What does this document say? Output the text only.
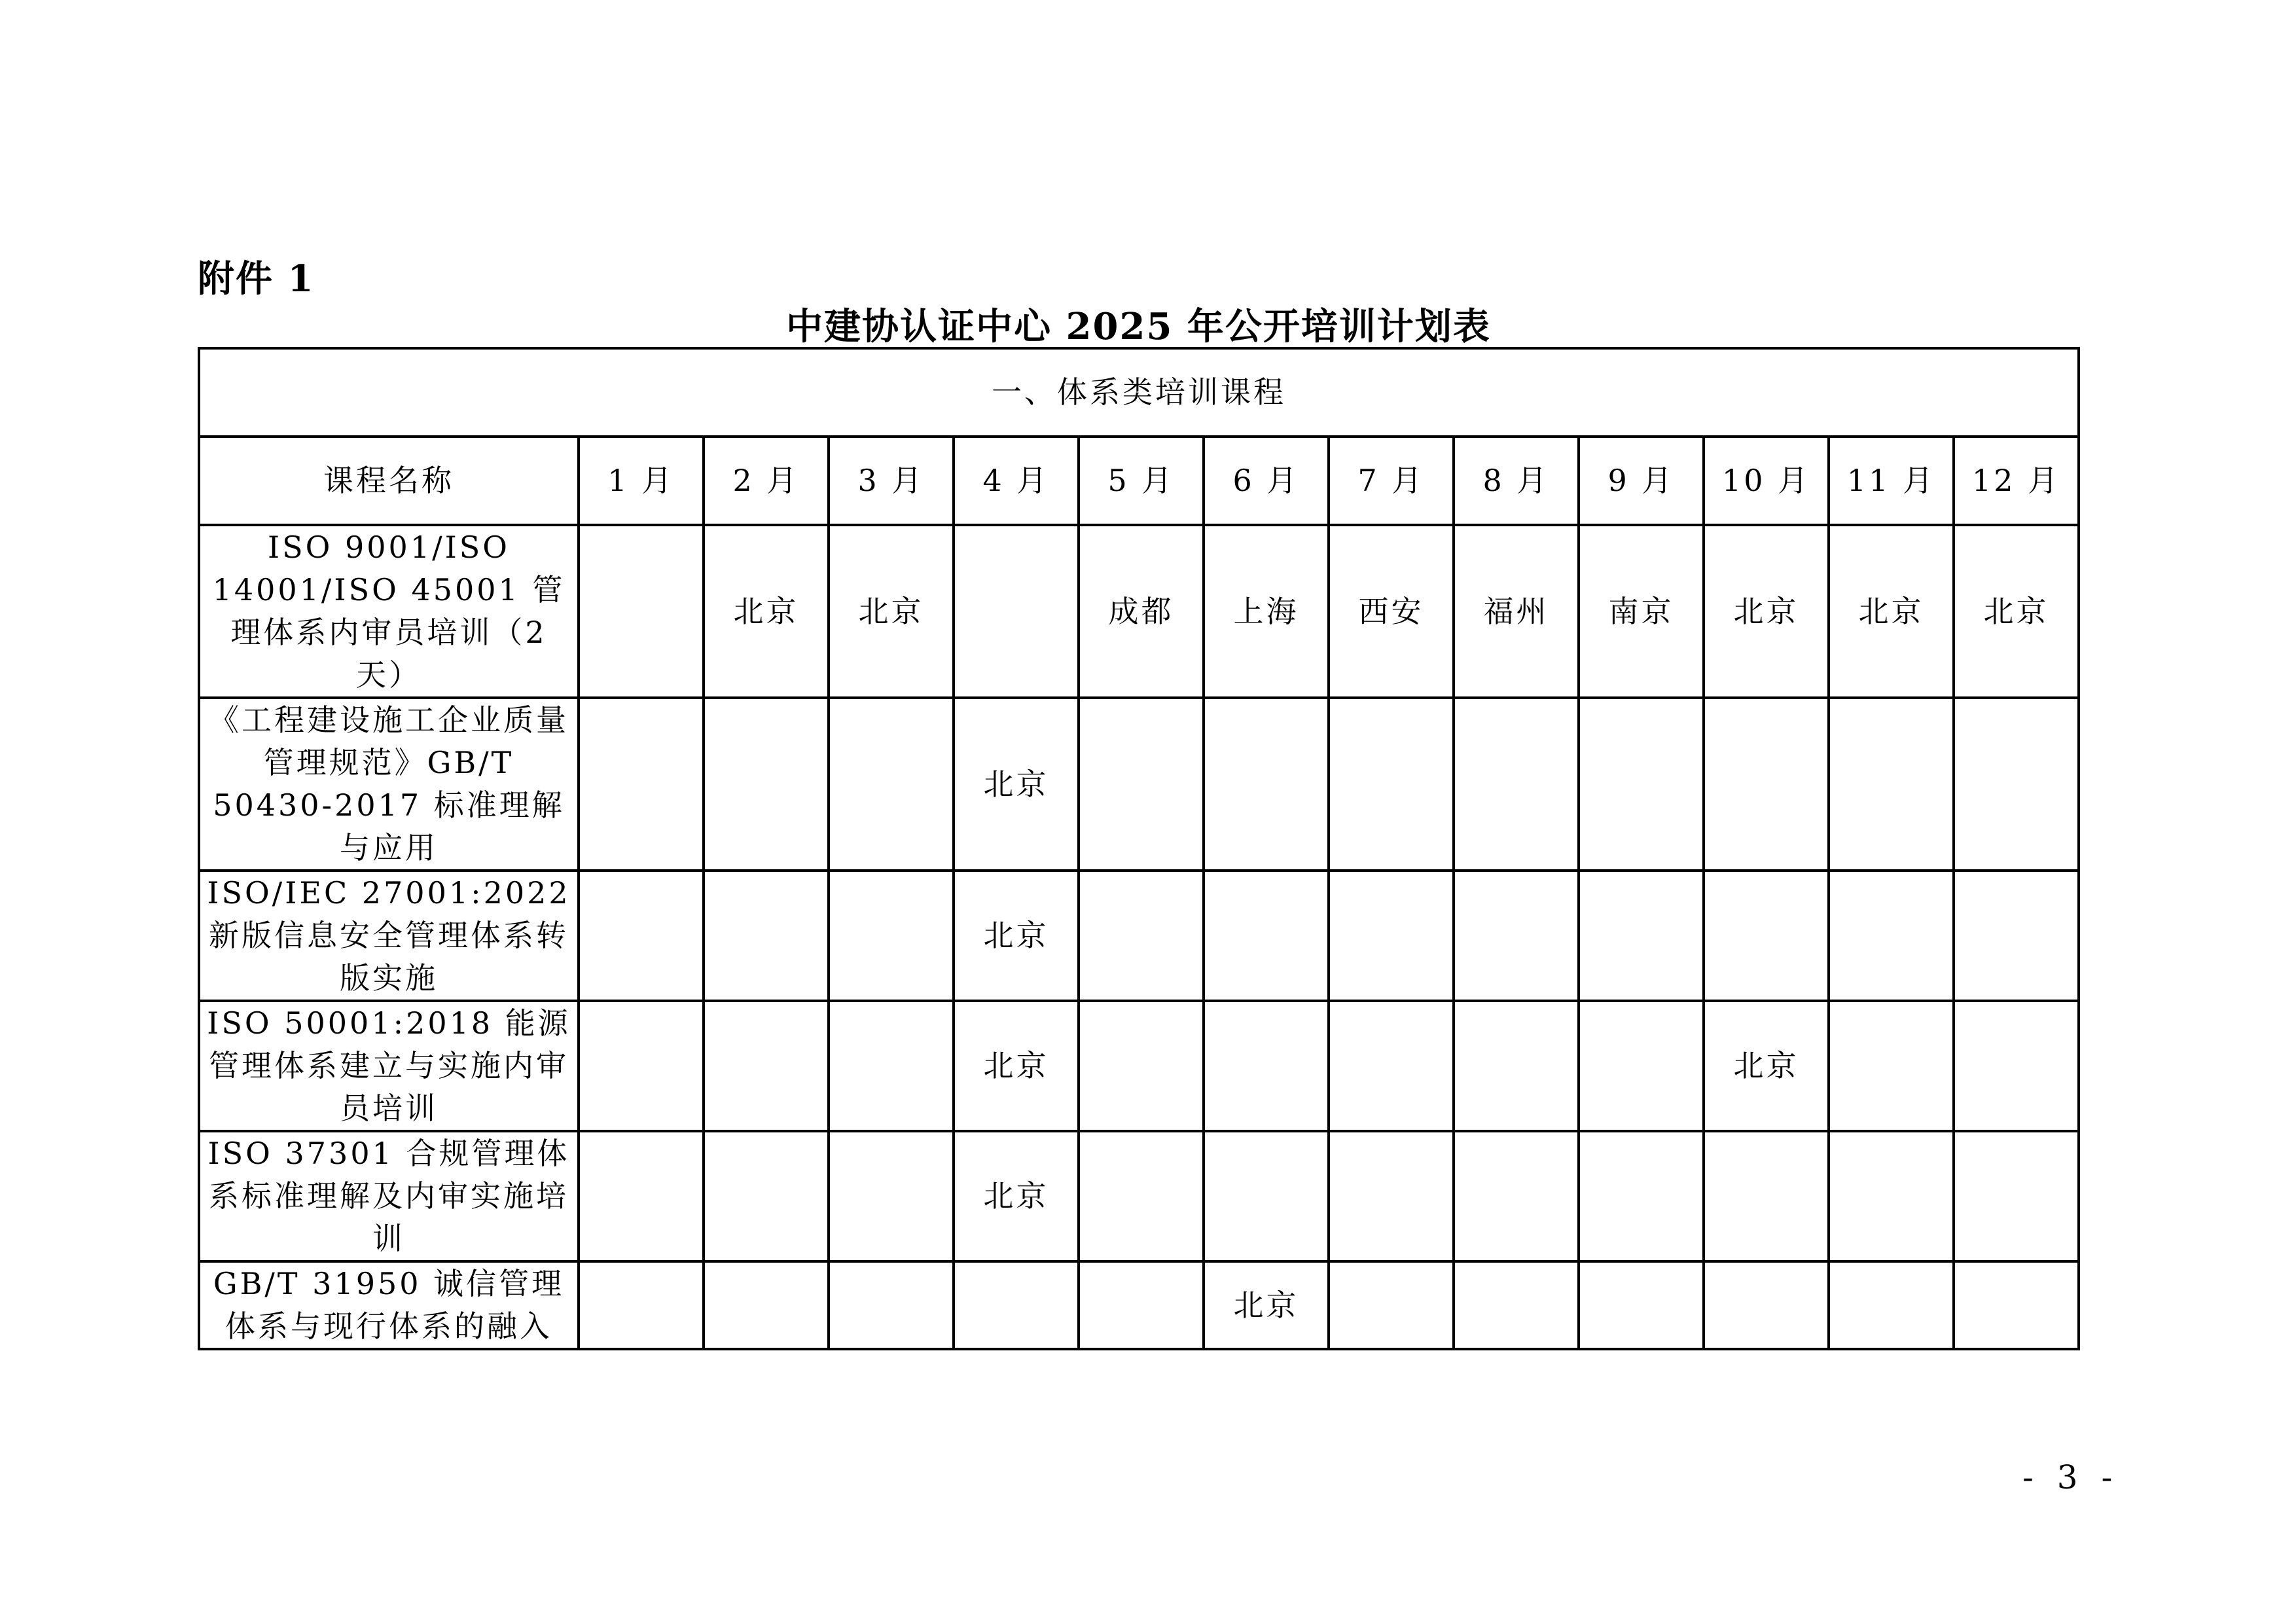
附件 1
中建协认证中心 2025 年公开培训计划表
一、体系类培训课程												
课程名称	1 月	2 月	3 月	4 月	5 月	6 月	7 月	8 月	9 月	10 月	11 月	12 月
ISO 9001/ISO 14001/ISO 45001 管理体系内审员培训（2 天）		北京	北京		成都	上海	西安	福州	南京	北京	北京	北京
《工程建设施工企业质量管理规范》GB/T 50430-2017 标准理解与应用				北京								
ISO/IEC 27001:2022 新版信息安全管理体系转版实施				北京								
ISO 50001:2018 能源管理体系建立与实施内审员培训				北京						北京		
ISO 37301 合规管理体系标准理解及内审实施培训				北京								
GB/T 31950 诚信管理体系与现行体系的融入						北京						
- 3 -
